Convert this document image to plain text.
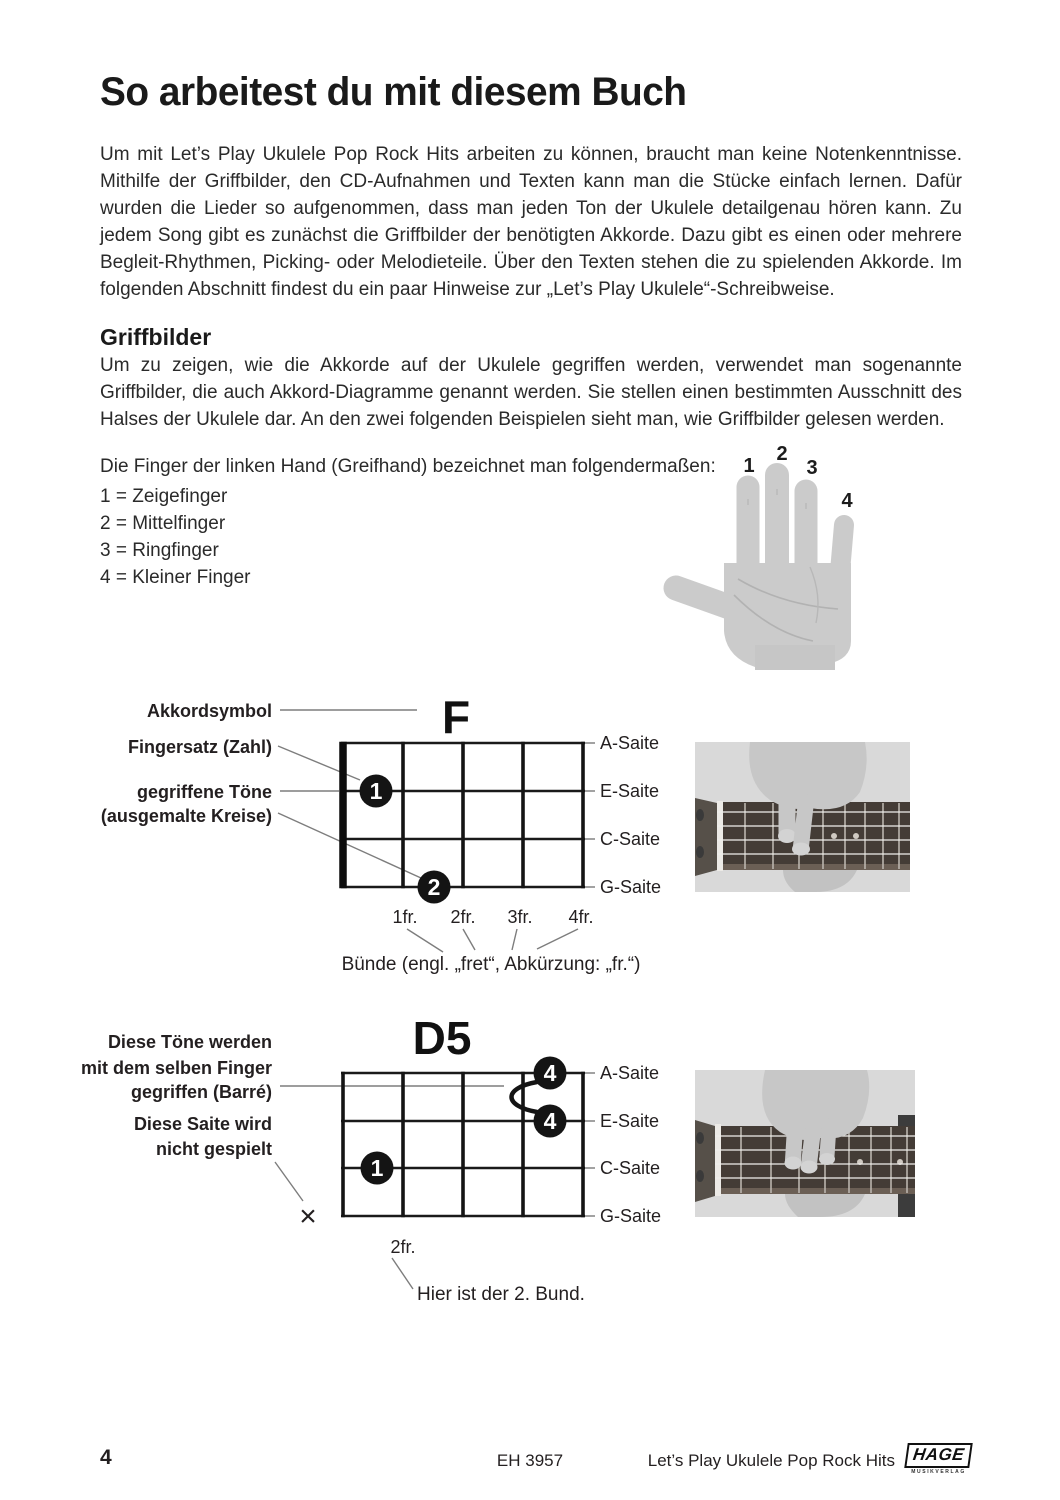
So arbeitest du mit diesem Buch
Um mit Let’s Play Ukulele Pop Rock Hits arbeiten zu können, braucht man keine Notenkenntnisse. Mithilfe der Griffbilder, den CD-Aufnahmen und Texten kann man die Stücke einfach lernen. Dafür wurden die Lieder so aufgenommen, dass man jeden Ton der Ukulele detailgenau hören kann. Zu jedem Song gibt es zunächst die Griffbilder der benötigten Akkorde. Dazu gibt es einen oder mehrere Begleit-Rhythmen, Picking- oder Melodieteile. Über den Texten stehen die zu spielenden Akkorde. Im folgenden Abschnitt findest du ein paar Hinweise zur „Let’s Play Ukulele“-Schreibweise.
Griffbilder
Um zu zeigen, wie die Akkorde auf der Ukulele gegriffen werden, verwendet man sogenannte Griffbilder, die auch Akkord-Diagramme genannt werden. Sie stellen einen bestimmten Ausschnitt des Halses der Ukulele dar. An den zwei folgenden Beispielen sieht man, wie Griffbilder gelesen werden.
Die Finger der linken Hand (Greifhand) bezeichnet man folgendermaßen:
1 = Zeigefinger
2 = Mittelfinger
3 = Ringfinger
4 = Kleiner Finger
1
2
3
4
Akkordsymbol	F
Fingersatz (Zahl)
gegriffene Töne
(ausgemalte Kreise)
1
2
A-Saite
E-Saite
C-Saite
G-Saite
1fr. 2fr. 3fr. 4fr.
Bünde (engl. „fret“, Abkürzung: „fr.“)
D5
Diese Töne werden
mit dem selben Finger
gegriffen (Barré)
Diese Saite wird
nicht gespielt
4
4
1
×
A-Saite
E-Saite
C-Saite
G-Saite
2fr.
Hier ist der 2. Bund.
4	EH 3957	Let’s Play Ukulele Pop Rock Hits HAGE
MUSIKVERLAG
